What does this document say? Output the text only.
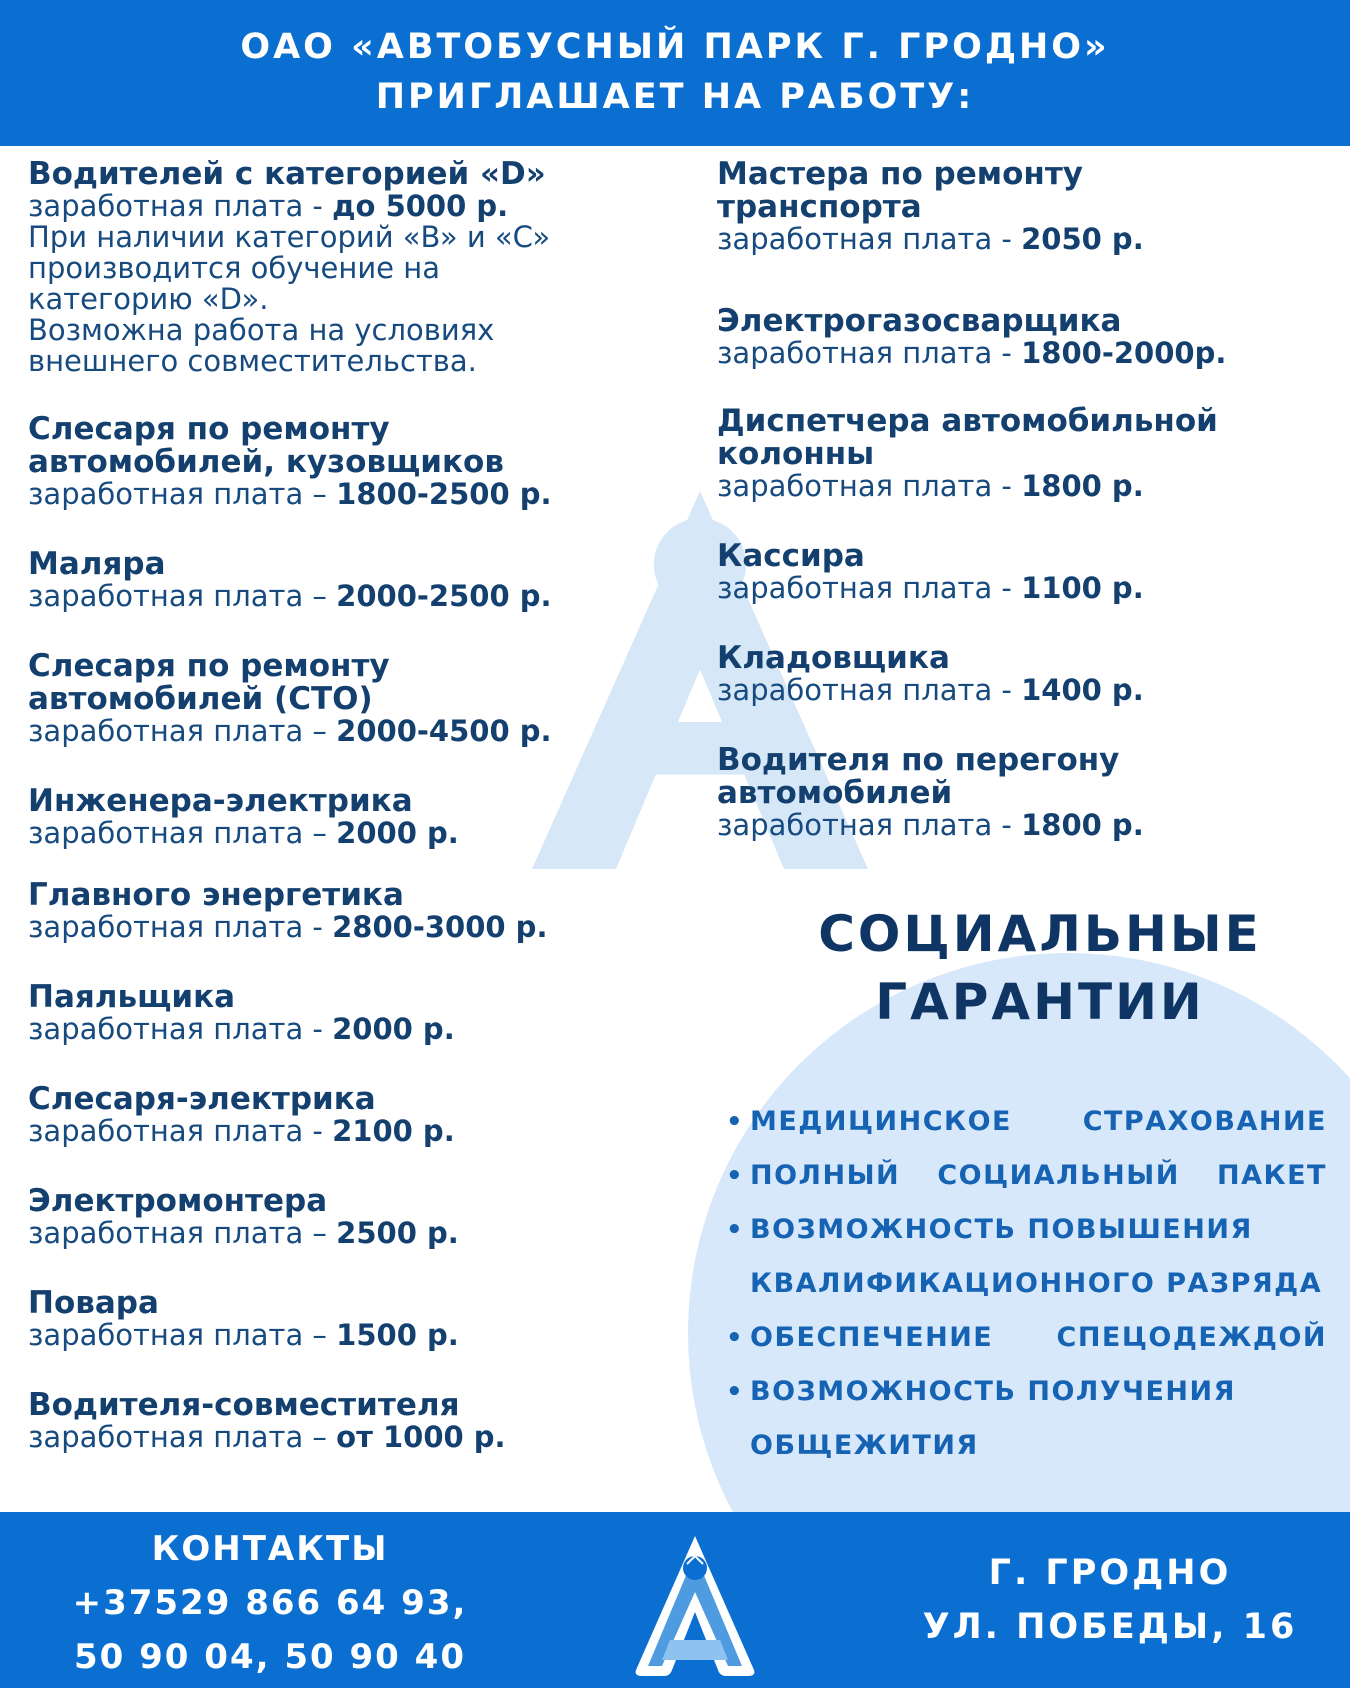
ОАО «АВТОБУСНЫЙ ПАРК Г. ГРОДНО»
ПРИГЛАШАЕТ НА РАБОТУ:
Водителей с категорией «D»
заработная плата - до 5000 р.
При наличии категорий «B» и «C»
производится обучение на
категорию «D».
Возможна работа на условиях
внешнего совместительства.
Слесаря по ремонту
автомобилей, кузовщиков
заработная плата – 1800-2500 р.
Маляра
заработная плата – 2000-2500 р.
Слесаря по ремонту
автомобилей (СТО)
заработная плата – 2000-4500 р.
Инженера-электрика
заработная плата – 2000 р.
Главного энергетика
заработная плата - 2800-3000 р.
Паяльщика
заработная плата - 2000 р.
Слесаря-электрика
заработная плата - 2100 р.
Электромонтера
заработная плата – 2500 р.
Повара
заработная плата – 1500 р.
Водителя-совместителя
заработная плата – от 1000 р.
Мастера по ремонту
транспорта
заработная плата - 2050 р.
Электрогазосварщика
заработная плата - 1800-2000р.
Диспетчера автомобильной
колонны
заработная плата - 1800 р.
Кассира
заработная плата - 1100 р.
Кладовщика
заработная плата - 1400 р.
Водителя по перегону
автомобилей
заработная плата - 1800 р.
СОЦИАЛЬНЫЕ
ГАРАНТИИ
• МЕДИЦИНСКОЕ	СТРАХОВАНИЕ
• ПОЛНЫЙ СОЦИАЛЬНЫЙ ПАКЕТ
• ВОЗМОЖНОСТЬ ПОВЫШЕНИЯ
КВАЛИФИКАЦИОННОГО РАЗРЯДА
• ОБЕСПЕЧЕНИЕ СПЕЦОДЕЖДОЙ
• ВОЗМОЖНОСТЬ ПОЛУЧЕНИЯ
ОБЩЕЖИТИЯ
КОНТАКТЫ
+37529 866 64 93,
50 90 04, 50 90 40
Г. ГРОДНО
УЛ. ПОБЕДЫ, 16
